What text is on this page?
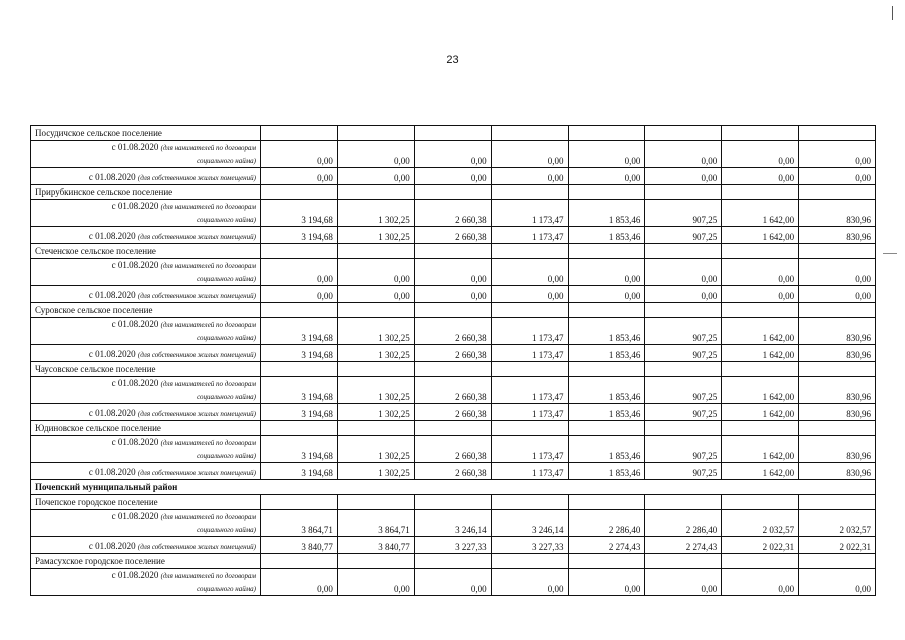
23
Посудичское сельское поселение								
с 01.08.2020 (для нанимателей по договорам
социального найма)	0,00	0,00	0,00	0,00	0,00	0,00	0,00	0,00
с 01.08.2020 (для собственников жилых помещений)	0,00	0,00	0,00	0,00	0,00	0,00	0,00	0,00
Прирубкинское сельское поселение								
с 01.08.2020 (для нанимателей по договорам
социального найма)	3 194,68	1 302,25	2 660,38	1 173,47	1 853,46	907,25	1 642,00	830,96
с 01.08.2020 (для собственников жилых помещений)	3 194,68	1 302,25	2 660,38	1 173,47	1 853,46	907,25	1 642,00	830,96
Стеченское сельское поселение								
с 01.08.2020 (для нанимателей по договорам
социального найма)	0,00	0,00	0,00	0,00	0,00	0,00	0,00	0,00
с 01.08.2020 (для собственников жилых помещений)	0,00	0,00	0,00	0,00	0,00	0,00	0,00	0,00
Суровское сельское поселение								
с 01.08.2020 (для нанимателей по договорам
социального найма)	3 194,68	1 302,25	2 660,38	1 173,47	1 853,46	907,25	1 642,00	830,96
с 01.08.2020 (для собственников жилых помещений)	3 194,68	1 302,25	2 660,38	1 173,47	1 853,46	907,25	1 642,00	830,96
Чаусовское сельское поселение								
с 01.08.2020 (для нанимателей по договорам
социального найма)	3 194,68	1 302,25	2 660,38	1 173,47	1 853,46	907,25	1 642,00	830,96
с 01.08.2020 (для собственников жилых помещений)	3 194,68	1 302,25	2 660,38	1 173,47	1 853,46	907,25	1 642,00	830,96
Юдиновское сельское поселение								
с 01.08.2020 (для нанимателей по договорам
социального найма)	3 194,68	1 302,25	2 660,38	1 173,47	1 853,46	907,25	1 642,00	830,96
с 01.08.2020 (для собственников жилых помещений)	3 194,68	1 302,25	2 660,38	1 173,47	1 853,46	907,25	1 642,00	830,96
Почепский муниципальный район								
Почепское городское поселение								
с 01.08.2020 (для нанимателей по договорам
социального найма)	3 864,71	3 864,71	3 246,14	3 246,14	2 286,40	2 286,40	2 032,57	2 032,57
с 01.08.2020 (для собственников жилых помещений)	3 840,77	3 840,77	3 227,33	3 227,33	2 274,43	2 274,43	2 022,31	2 022,31
Рамасухское городское поселение								
с 01.08.2020 (для нанимателей по договорам
социального найма)	0,00	0,00	0,00	0,00	0,00	0,00	0,00	0,00
